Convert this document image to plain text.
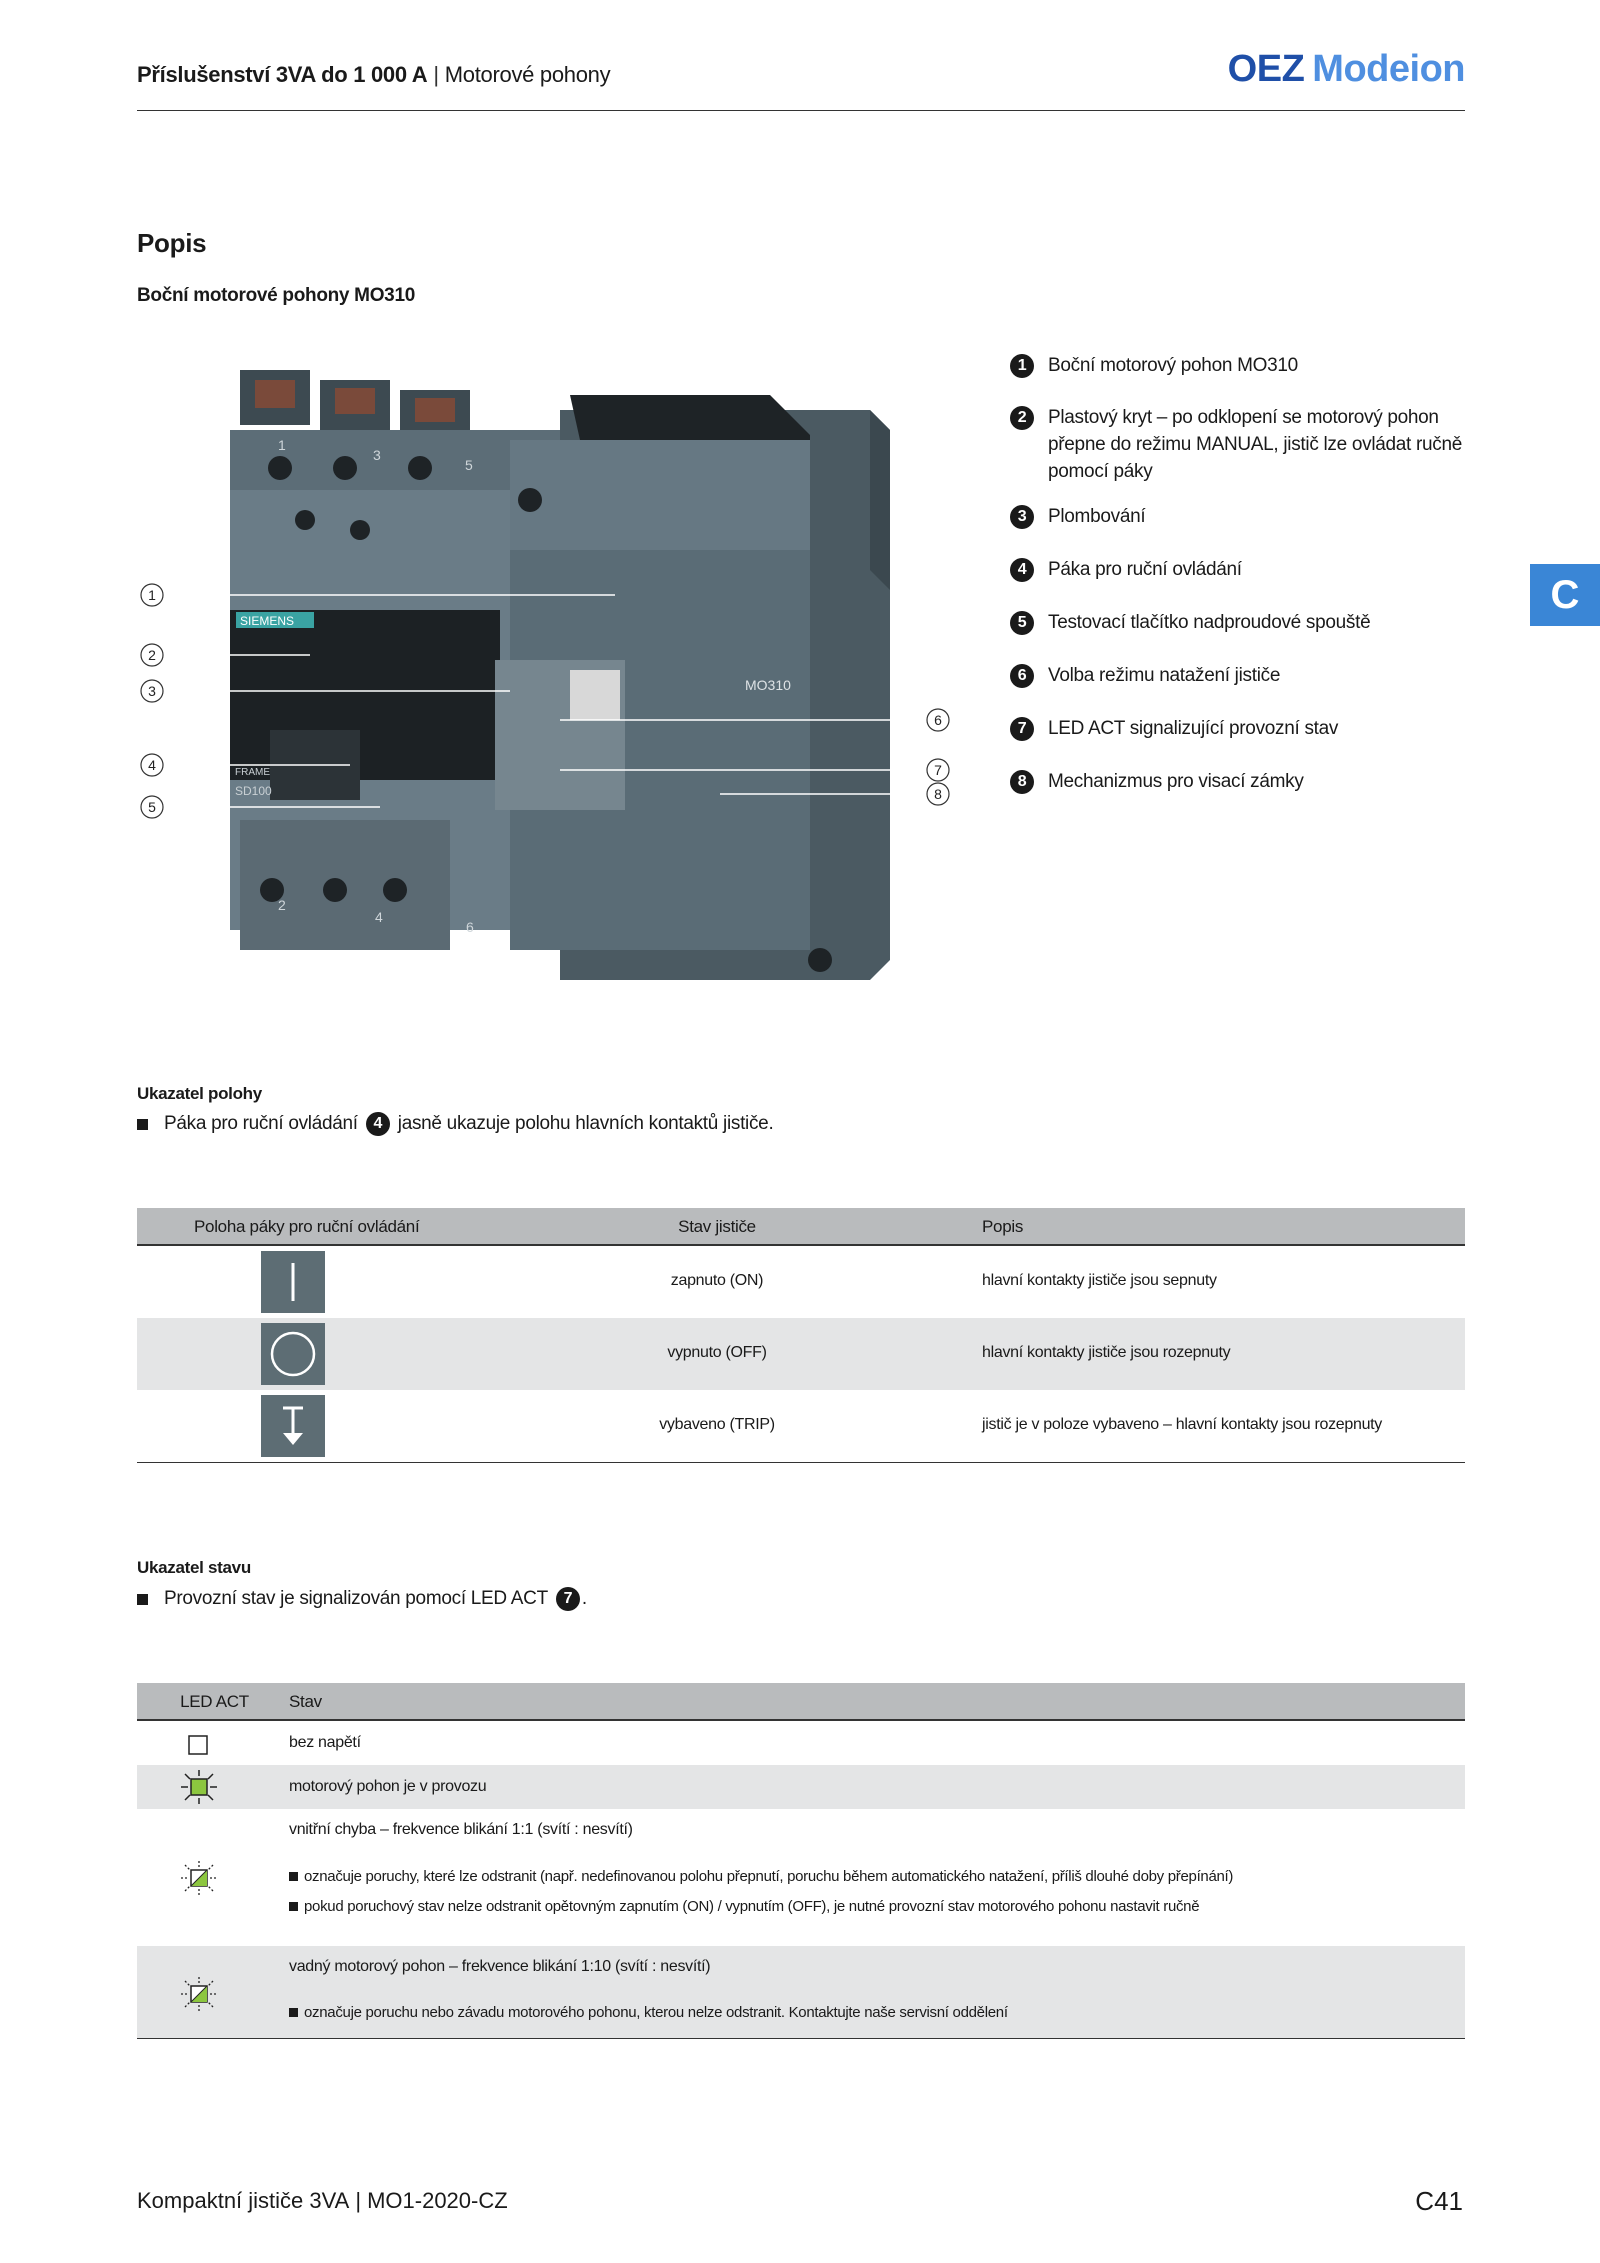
Příslušenství 3VA do 1 000 A | Motorové pohony	OEZ Modeion
C
Popis
Boční motorové pohony MO310
SIEMENS
MO310
FRAME
SD100
1
3
5
2
4
6
1
2
3
4
5
6
7
8
1	Boční motorový pohon MO310
2	Plastový kryt – po odklopení se motorový pohon přepne do režimu MANUAL, jistič lze ovládat ručně pomocí páky
3	Plombování
4	Páka pro ruční ovládání
5	Testovací tlačítko nadproudové spouště
6	Volba režimu natažení jističe
7	LED ACT signalizující provozní stav
8	Mechanizmus pro visací zámky
Ukazatel polohy
Páka pro ruční ovládání 4 jasně ukazuje polohu hlavních kontaktů jističe.
Poloha páky pro ruční ovládání	Stav jističe	Popis
zapnuto (ON)	hlavní kontakty jističe jsou sepnuty
vypnuto (OFF)	hlavní kontakty jističe jsou rozepnuty
vybaveno (TRIP)	jistič je v poloze vybaveno – hlavní kontakty jsou rozepnuty
Ukazatel stavu
Provozní stav je signalizován pomocí LED ACT 7 .
LED ACT	Stav
bez napětí
motorový pohon je v provozu
vnitřní chyba – frekvence blikání 1:1 (svítí : nesvítí)
označuje poruchy, které lze odstranit (např. nedefinovanou polohu přepnutí, poruchu během automatického natažení, příliš dlouhé doby přepínání)
pokud poruchový stav nelze odstranit opětovným zapnutím (ON) / vypnutím (OFF), je nutné provozní stav motorového pohonu nastavit ručně
vadný motorový pohon – frekvence blikání 1:10 (svítí : nesvítí)
označuje poruchu nebo závadu motorového pohonu, kterou nelze odstranit. Kontaktujte naše servisní oddělení
Kompaktní jističe 3VA | MO1-2020-CZ	C41
